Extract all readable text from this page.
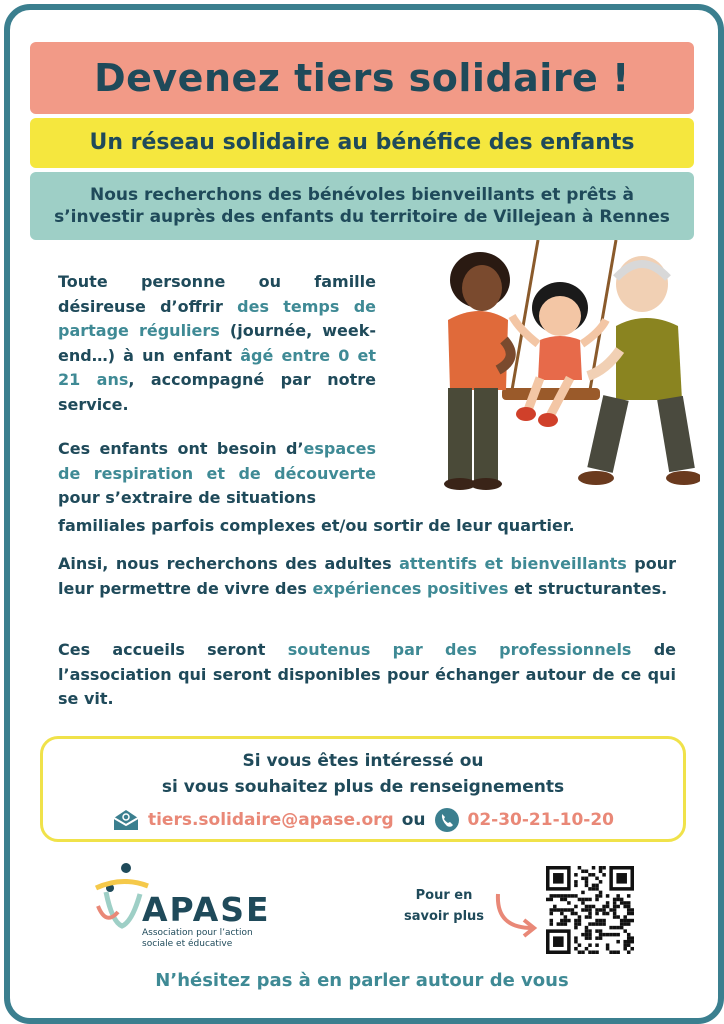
Devenez tiers solidaire !
Un réseau solidaire au bénéfice des enfants
Nous recherchons des bénévoles bienveillants et prêts à
s’investir auprès des enfants du territoire de Villejean à Rennes
Toute personne ou famille désireuse d’offrir des temps de partage réguliers (journée, week-end…) à un enfant âgé entre 0 et 21 ans, accompagné par notre service.
Ces enfants ont besoin d’espaces de respiration et de découverte pour s’extraire de situations
familiales parfois complexes et/ou sortir de leur quartier.
Ainsi, nous recherchons des adultes attentifs et bienveillants pour leur permettre de vivre des expériences positives et structurantes.
Ces accueils seront soutenus par des professionnels de l’association qui seront disponibles pour échanger autour de ce qui se vit.
Si vous êtes intéressé ou
si vous souhaitez plus de renseignements
tiers.solidaire@apase.org ou 02-30-21-10-20
APASE
Association pour l’action
sociale et éducative
Pour en
savoir plus
N’hésitez pas à en parler autour de vous
